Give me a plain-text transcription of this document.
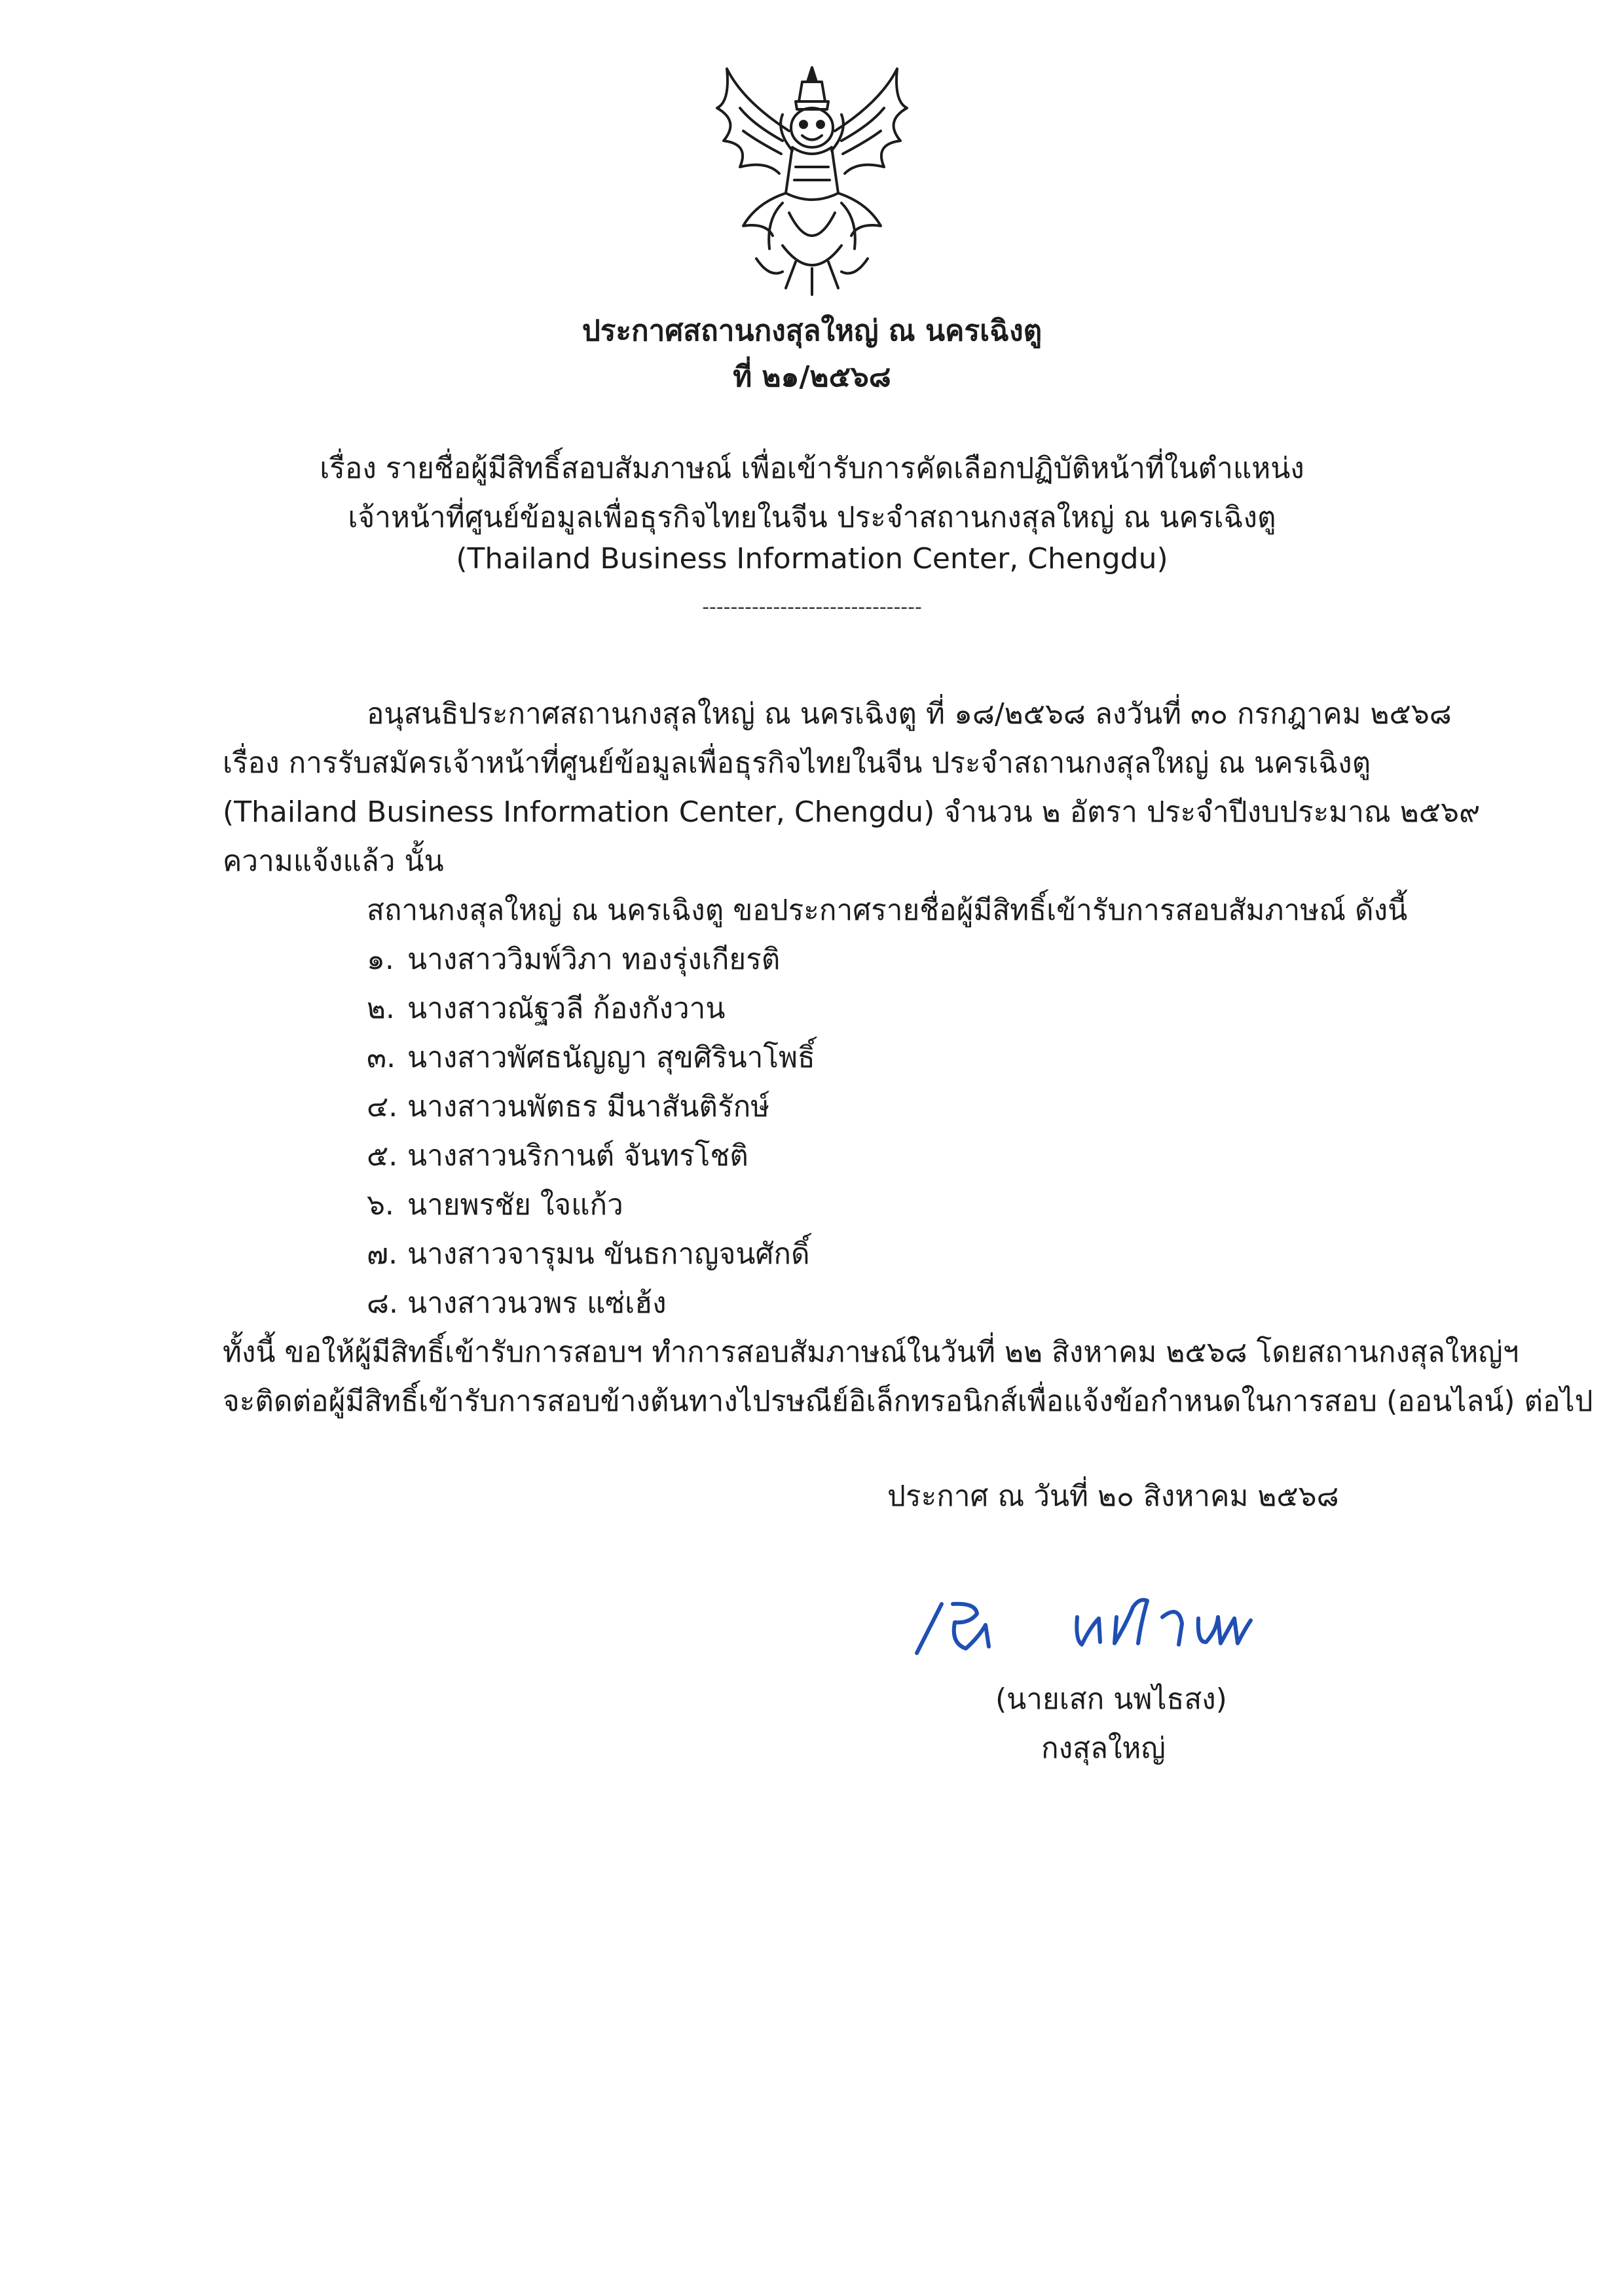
ประกาศสถานกงสุลใหญ่ ณ นครเฉิงตู
ที่ ๒๑/๒๕๖๘
เรื่อง รายชื่อผู้มีสิทธิ์สอบสัมภาษณ์ เพื่อเข้ารับการคัดเลือกปฏิบัติหน้าที่ในตำแหน่ง
เจ้าหน้าที่ศูนย์ข้อมูลเพื่อธุรกิจไทยในจีน ประจำสถานกงสุลใหญ่ ณ นครเฉิงตู
(Thailand Business Information Center, Chengdu)
-------------------------------
อนุสนธิประกาศสถานกงสุลใหญ่ ณ นครเฉิงตู ที่ ๑๘/๒๕๖๘ ลงวันที่ ๓๐ กรกฎาคม ๒๕๖๘
เรื่อง การรับสมัครเจ้าหน้าที่ศูนย์ข้อมูลเพื่อธุรกิจไทยในจีน ประจำสถานกงสุลใหญ่ ณ นครเฉิงตู
(Thailand Business Information Center, Chengdu) จำนวน ๒ อัตรา ประจำปีงบประมาณ ๒๕๖๙
ความแจ้งแล้ว นั้น
สถานกงสุลใหญ่ ณ นครเฉิงตู ขอประกาศรายชื่อผู้มีสิทธิ์เข้ารับการสอบสัมภาษณ์ ดังนี้
๑. นางสาววิมพ์วิภา ทองรุ่งเกียรติ
๒. นางสาวณัฐวลี ก้องกังวาน
๓. นางสาวพัศธนัญญา สุขศิรินาโพธิ์
๔. นางสาวนพัตธร มีนาสันติรักษ์
๕. นางสาวนริกานต์ จันทรโชติ
๖. นายพรชัย ใจแก้ว
๗. นางสาวจารุมน ขันธกาญจนศักดิ์
๘. นางสาวนวพร แซ่เฮ้ง
ทั้งนี้ ขอให้ผู้มีสิทธิ์เข้ารับการสอบฯ ทำการสอบสัมภาษณ์ในวันที่ ๒๒ สิงหาคม ๒๕๖๘ โดยสถานกงสุลใหญ่ฯ
จะติดต่อผู้มีสิทธิ์เข้ารับการสอบข้างต้นทางไปรษณีย์อิเล็กทรอนิกส์เพื่อแจ้งข้อกำหนดในการสอบ (ออนไลน์) ต่อไป
ประกาศ ณ วันที่ ๒๐ สิงหาคม ๒๕๖๘
(นายเสก นพไธสง)
กงสุลใหญ่
